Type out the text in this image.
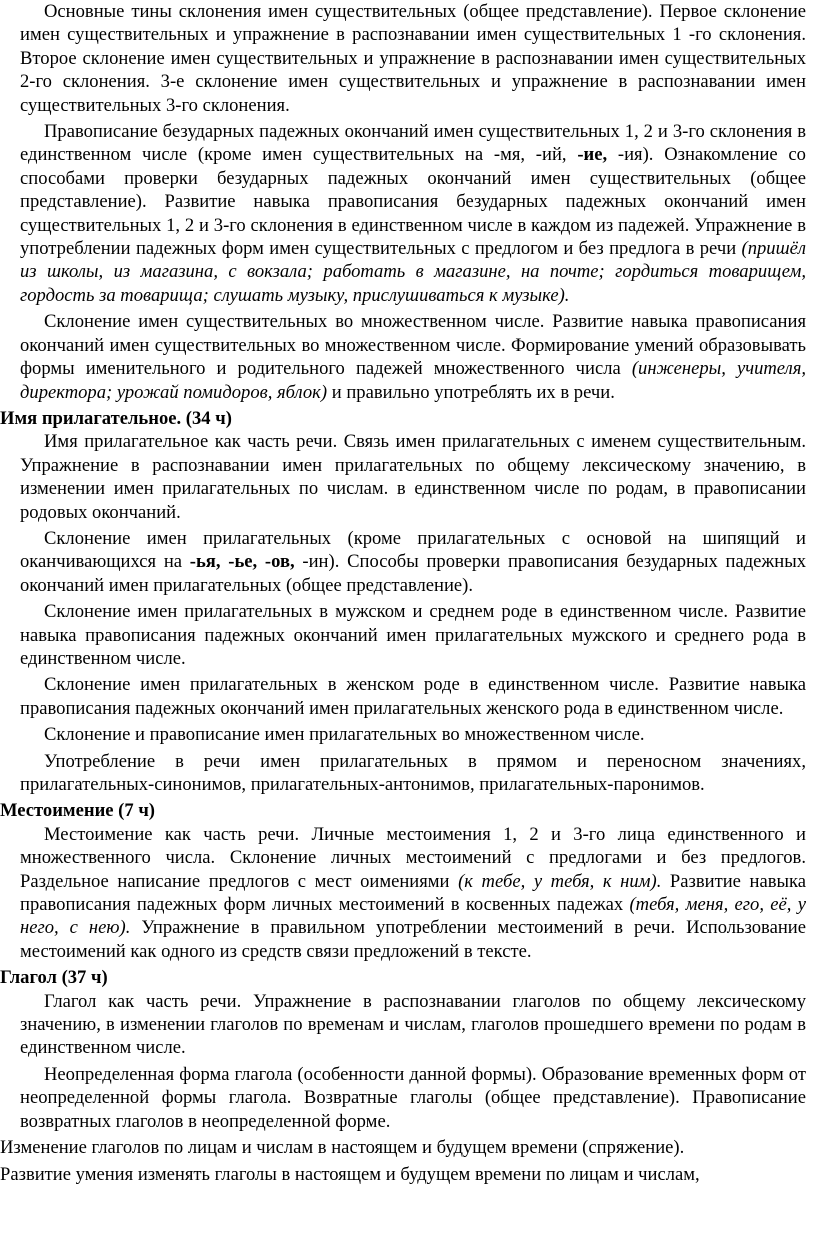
Основные тины склонения имен существительных (общее представление). Первое склонение имен существительных и упражнение в распознавании имен существительных 1 -го склонения. Второе склонение имен существительных и упражнение в распознавании имен существительных 2-го склонения. 3-е склонение имен существительных и упражнение в распознавании имен существительных 3-го склонения.

Правописание безударных падежных окончаний имен существительных 1, 2 и 3-го склонения в единственном числе (кроме имен существительных на -мя, -ий, -ие, -ия). Ознакомление со способами проверки безударных падежных окончаний имен существительных (общее представление). Развитие навыка правописания безударных падежных окончаний имен существительных 1, 2 и 3-го склонения в единственном числе в каждом из падежей. Упражнение в употреблении падежных форм имен существительных с предлогом и без предлога в речи (пришёл из школы, из магазина, с вокзала; работать в магазине, на почте; гордиться товарищем, гордость за товарища; слушать музыку, прислушиваться к музыке).

Склонение имен существительных во множественном числе. Развитие навыка правописания окончаний имен существительных во множественном числе. Формирование умений образовывать формы именительного и родительного падежей множественного числа (инженеры, учителя, директора; урожай помидоров, яблок) и правильно употреблять их в речи.

Имя прилагательное. (34 ч)

Имя прилагательное как часть речи. Связь имен прилагательных с именем существительным. Упражнение в распознавании имен прилагательных по общему лексическому значению, в изменении имен прилагательных по числам. в единственном числе по родам, в правописании родовых окончаний.

Склонение имен прилагательных (кроме прилагательных с основой на шипящий и оканчивающихся на -ья, -ье, -ов, -ин). Способы проверки правописания безударных падежных окончаний имен прилагательных (общее представление).

Склонение имен прилагательных в мужском и среднем роде в единственном числе. Развитие навыка правописания падежных окончаний имен прилагательных мужского и среднего рода в единственном числе.

Склонение имен прилагательных в женском роде в единственном числе. Развитие навыка правописания падежных окончаний имен прилагательных женского рода в единственном числе.

Склонение и правописание имен прилагательных во множественном числе.

Употребление в речи имен прилагательных в прямом и переносном значениях, прилагательных-синонимов, прилагательных-антонимов, прилагательных-паронимов.

Местоимение (7 ч)

Местоимение как часть речи. Личные местоимения 1, 2 и 3-го лица единственного и множественного числа. Склонение личных местоимений с предлогами и без предлогов. Раздельное написание предлогов с мест оимениями (к тебе, у тебя, к ним). Развитие навыка правописания падежных форм личных местоимений в косвенных падежах (тебя, меня, его, её, у него, с нею). Упражнение в правильном употреблении местоимений в речи. Использование местоимений как одного из средств связи предложений в тексте.

Глагол (37 ч)

Глагол как часть речи. Упражнение в распознавании глаголов по общему лексическому значению, в изменении глаголов по временам и числам, глаголов прошедшего времени по родам в единственном числе.

Неопределенная форма глагола (особенности данной формы). Образование временных форм от неопределенной формы глагола. Возвратные глаголы (общее представление). Правописание возвратных глаголов в неопределенной форме.

Изменение глаголов по лицам и числам в настоящем и будущем времени (спряжение).

Развитие умения изменять глаголы в настоящем и будущем времени по лицам и числам,
